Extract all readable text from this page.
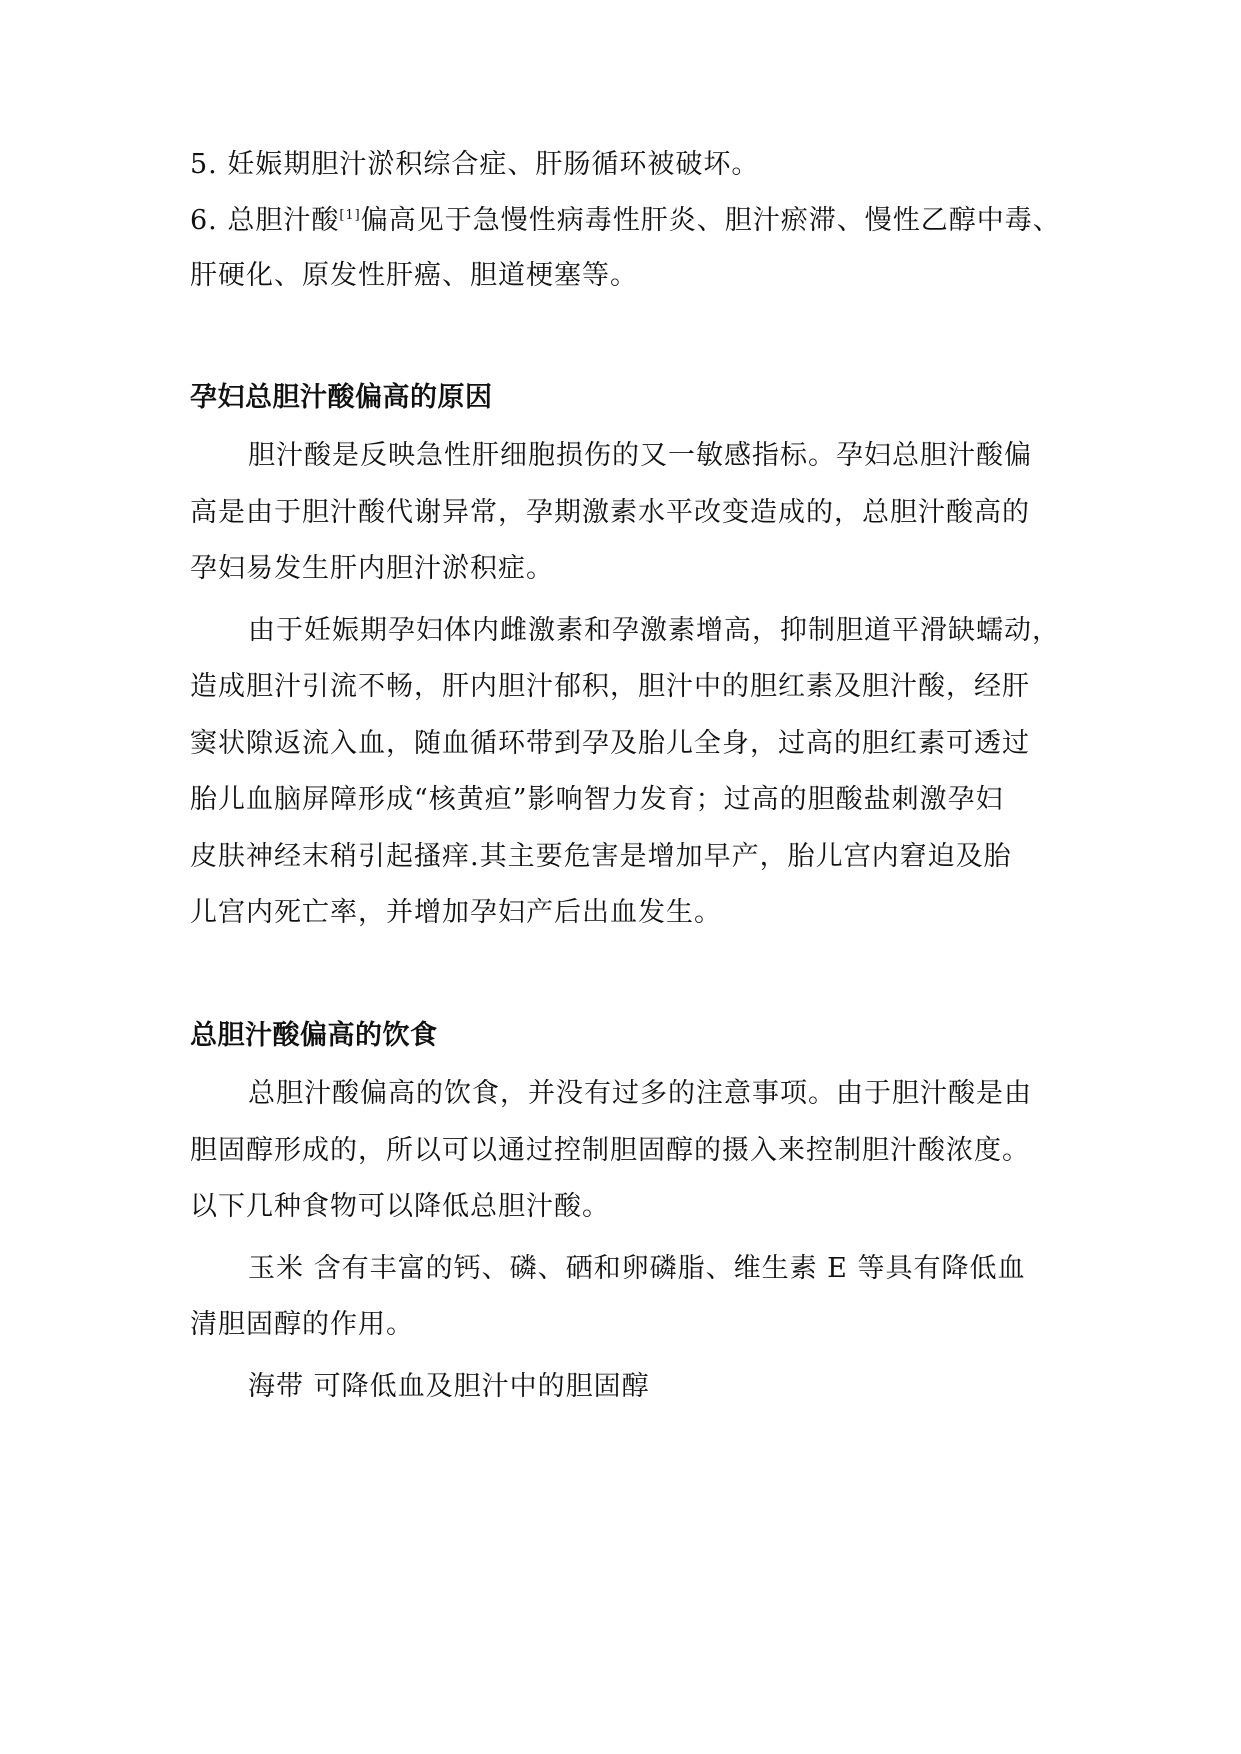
5. 妊娠期胆汁淤积综合症、肝肠循环被破坏。
6. 总胆汁酸[1]偏高见于急慢性病毒性肝炎、胆汁瘀滞、慢性乙醇中毒、
肝硬化、原发性肝癌、胆道梗塞等。
孕妇总胆汁酸偏高的原因
胆汁酸是反映急性肝细胞损伤的又一敏感指标。孕妇总胆汁酸偏
高是由于胆汁酸代谢异常，孕期激素水平改变造成的，总胆汁酸高的
孕妇易发生肝内胆汁淤积症。
由于妊娠期孕妇体内雌激素和孕激素增高，抑制胆道平滑缺蠕动，
造成胆汁引流不畅，肝内胆汁郁积，胆汁中的胆红素及胆汁酸，经肝
窦状隙返流入血，随血循环带到孕及胎儿全身，过高的胆红素可透过
胎儿血脑屏障形成“核黄疸”影响智力发育；过高的胆酸盐刺激孕妇
皮肤神经末稍引起搔痒.其主要危害是增加早产，胎儿宫内窘迫及胎
儿宫内死亡率，并增加孕妇产后出血发生。
总胆汁酸偏高的饮食
总胆汁酸偏高的饮食，并没有过多的注意事项。由于胆汁酸是由
胆固醇形成的，所以可以通过控制胆固醇的摄入来控制胆汁酸浓度。
以下几种食物可以降低总胆汁酸。
玉米 含有丰富的钙、磷、硒和卵磷脂、维生素 E 等具有降低血
清胆固醇的作用。
海带 可降低血及胆汁中的胆固醇
